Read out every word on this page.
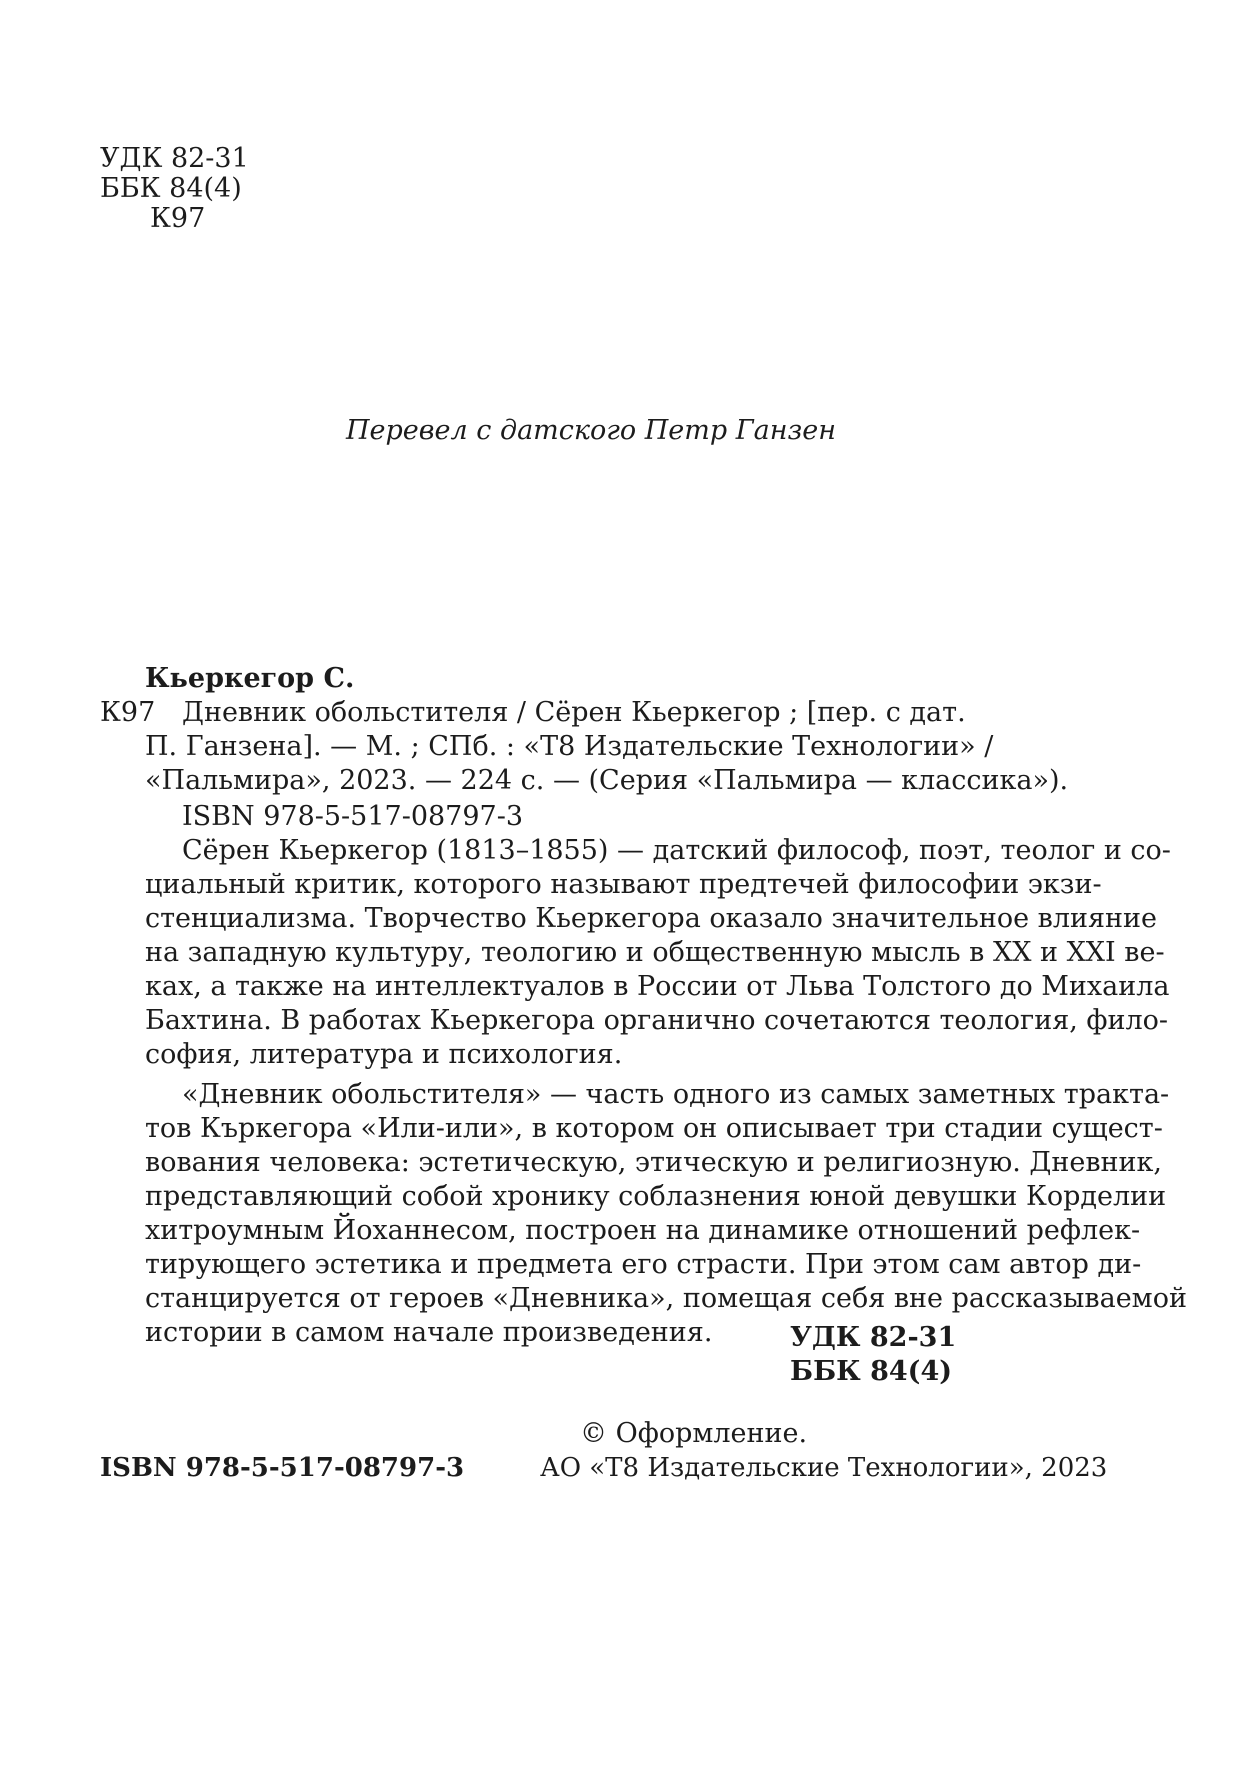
УДК 82-31
ББК 84(4)
К97
Перевел с датского Петр Ганзен
Кьеркегор С.
К97 Дневник обольстителя / Сёрен Кьеркегор ; [пер. с дат.

П. Ганзена]. — М. ; СПб. : «Т8 Издательские Технологии» /

«Пальмира», 2023. — 224 с. — (Серия «Пальмира — классика»).

ISBN 978-5-517-08797-3

Сёрен Кьеркегор (1813–1855) — датский философ, поэт, теолог и со-

циальный критик, которого называют предтечей философии экзи-

стенциализма. Творчество Кьеркегора оказало значительное влияние

на западную культуру, теологию и общественную мысль в XX и XXI ве-

ках, а также на интеллектуалов в России от Льва Толстого до Михаила

Бахтина. В работах Кьеркегора органично сочетаются теология, фило-

софия, литература и психология.

«Дневник обольстителя» — часть одного из самых заметных тракта-

тов Къркегора «Или-или», в котором он описывает три стадии сущест-

вования человека: эстетическую, этическую и религиозную. Дневник,

представляющий собой хронику соблазнения юной девушки Корделии

хитроумным Йоханнесом, построен на динамике отношений рефлек-

тирующего эстетика и предмета его страсти. При этом сам автор ди-

станцируется от героев «Дневника», помещая себя вне рассказываемой

истории в самом начале произведения.	УДК 82-31
ББК 84(4)
© Оформление.
ISBN 978-5-517-08797-3	АО «Т8 Издательские Технологии», 2023
